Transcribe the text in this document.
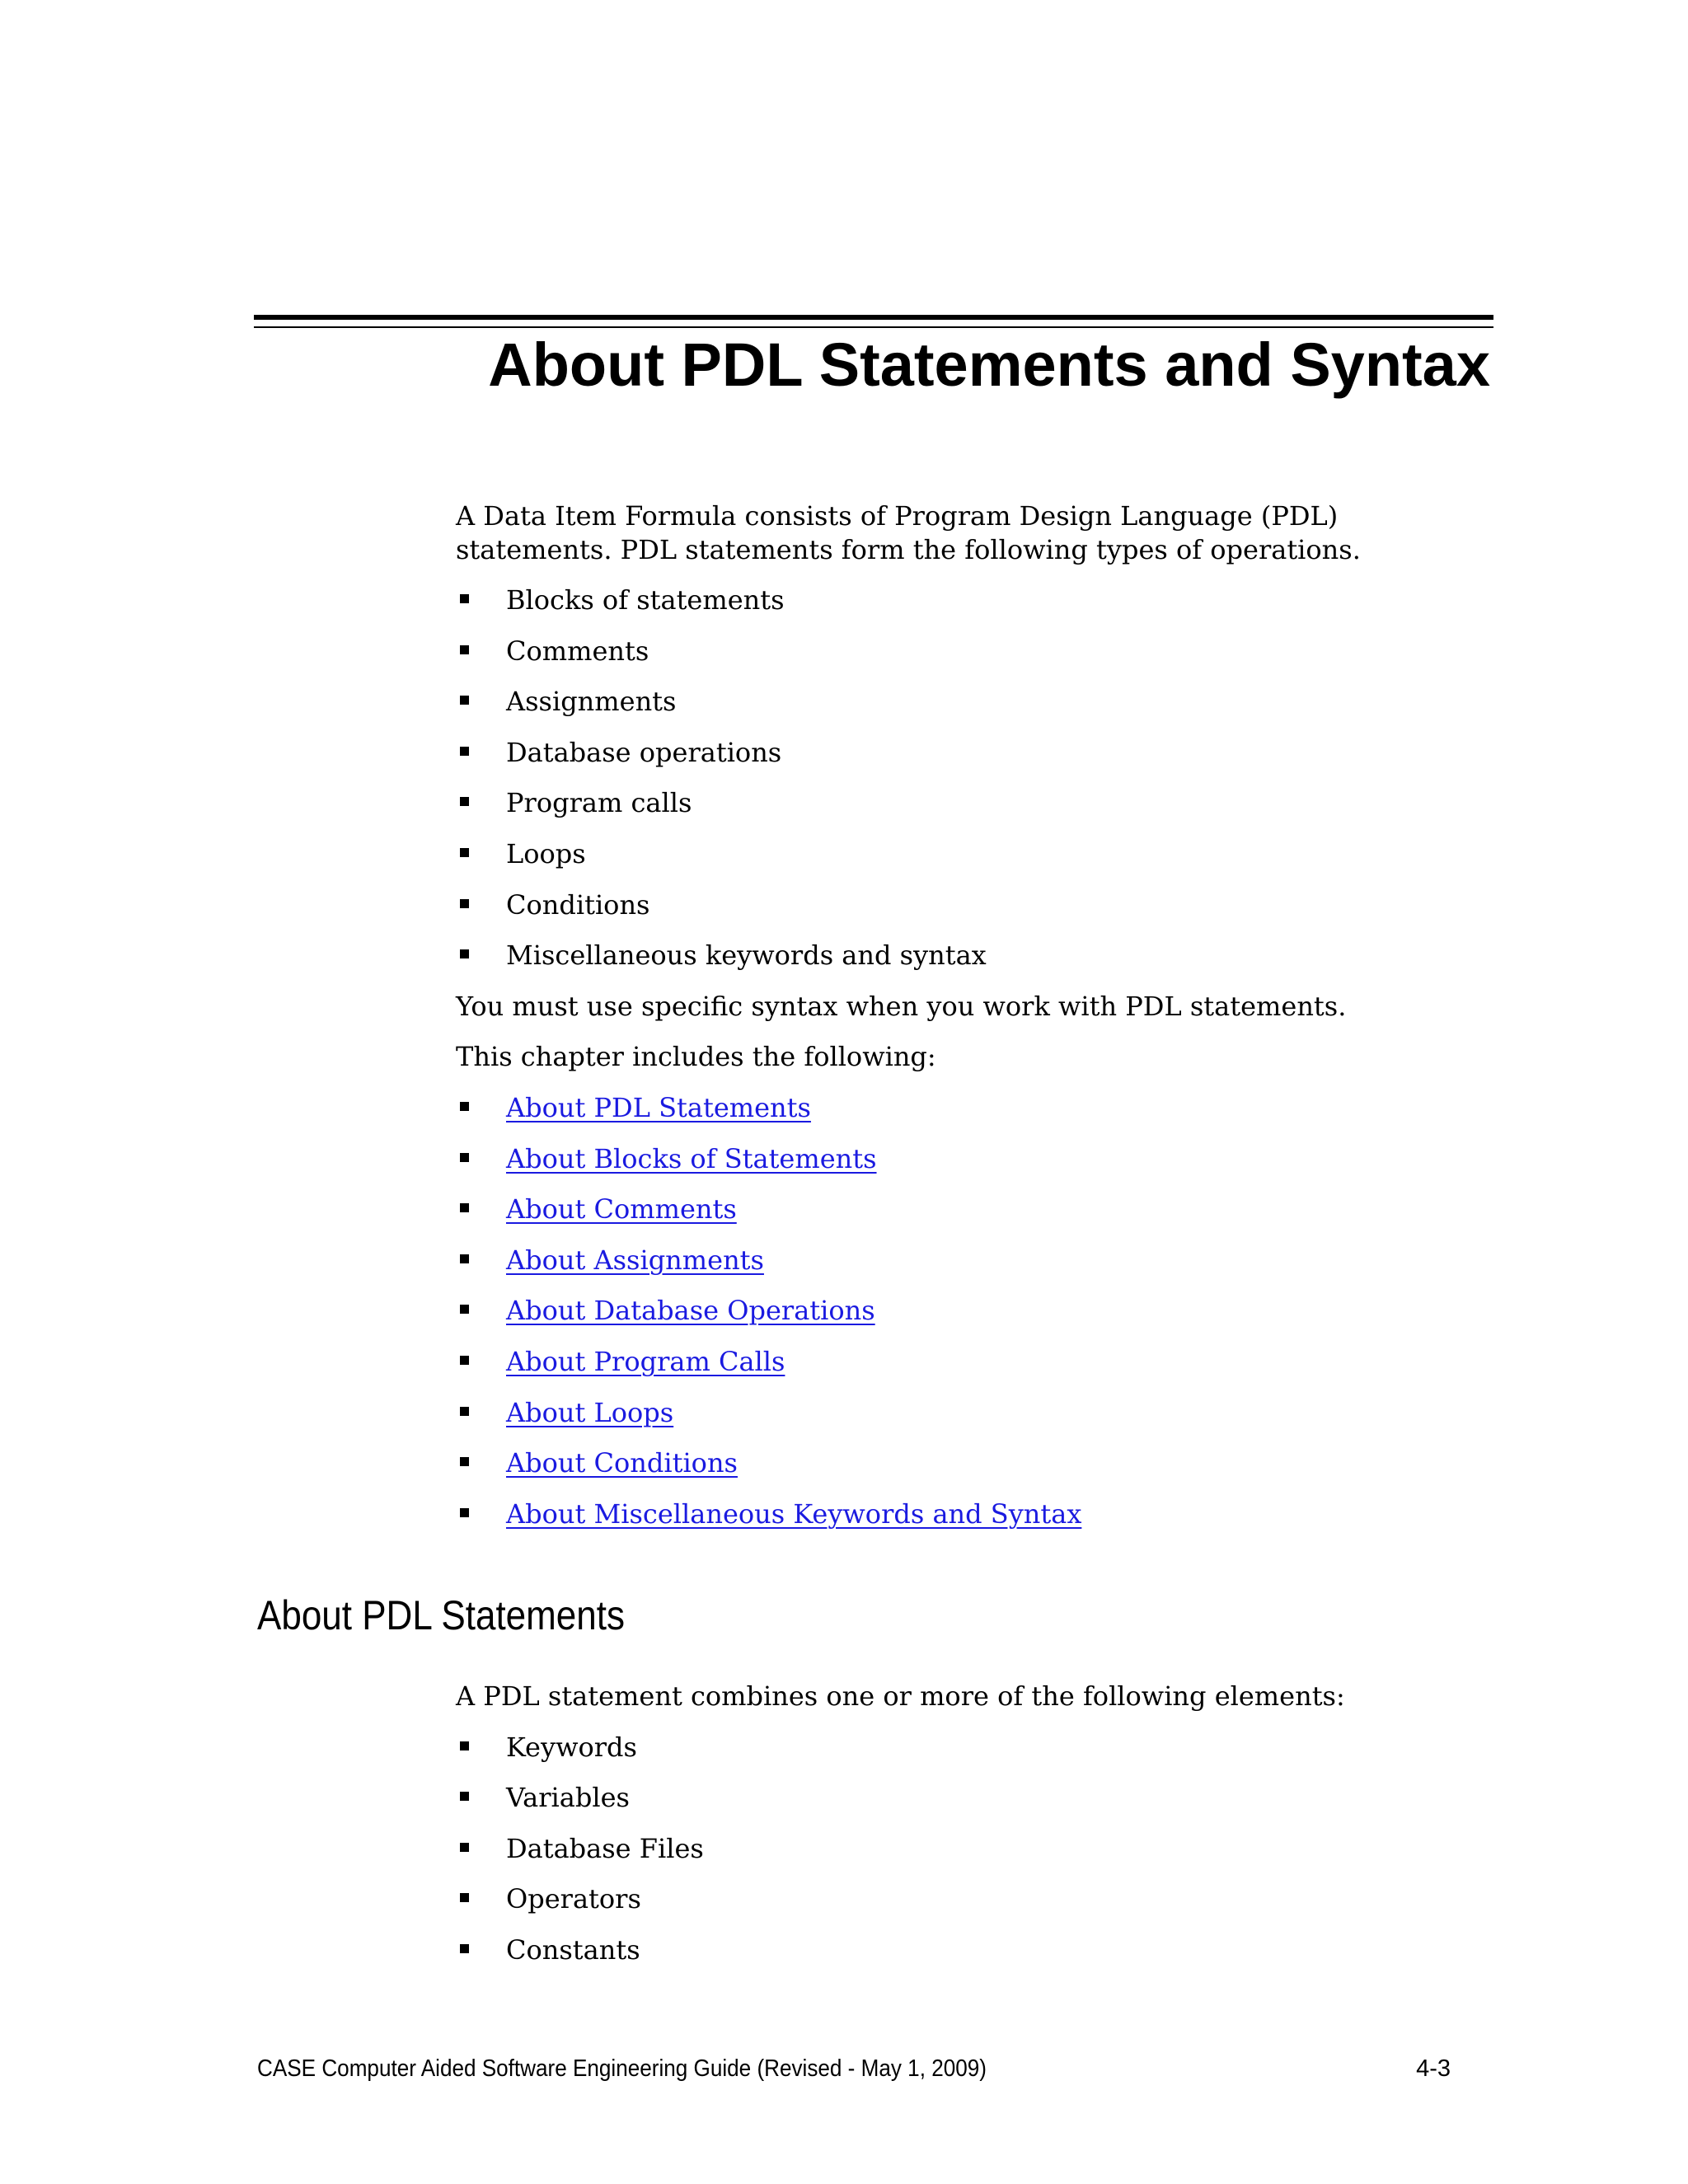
About PDL Statements and Syntax

A Data Item Formula consists of Program Design Language (PDL) statements. PDL statements form the following types of operations.

Blocks of statements
Comments
Assignments
Database operations
Program calls
Loops
Conditions
Miscellaneous keywords and syntax

You must use specific syntax when you work with PDL statements.

This chapter includes the following:

About PDL Statements
About Blocks of Statements
About Comments
About Assignments
About Database Operations
About Program Calls
About Loops
About Conditions
About Miscellaneous Keywords and Syntax
About PDL Statements

A PDL statement combines one or more of the following elements:

Keywords
Variables
Database Files
Operators
Constants
CASE Computer Aided Software Engineering Guide (Revised - May 1, 2009)	4-3
